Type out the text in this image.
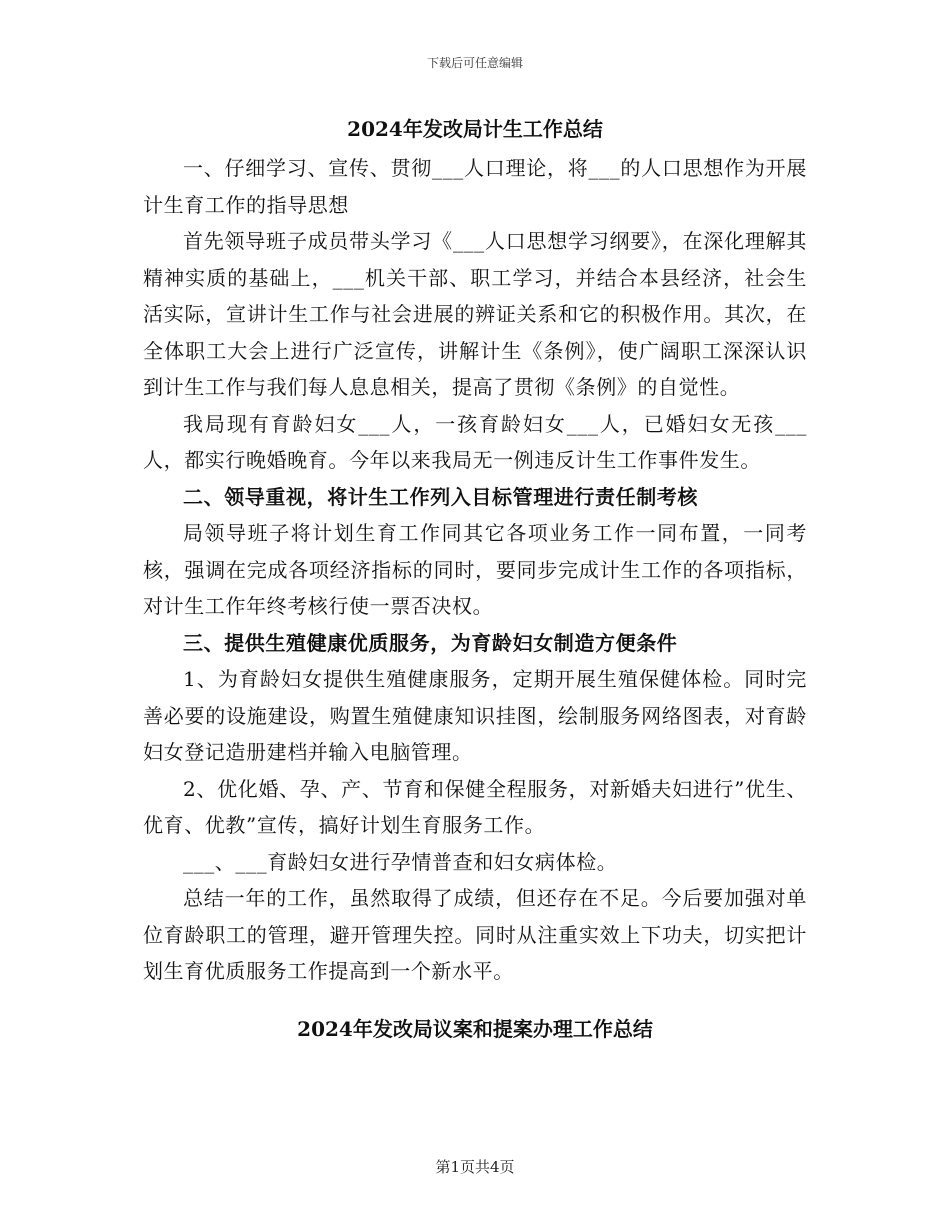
下载后可任意编辑
2024年发改局计生工作总结

一、仔细学习、宣传、贯彻___人口理论，将___的人口思想作为开展计生育工作的指导思想

首先领导班子成员带头学习《___人口思想学习纲要》，在深化理解其精神实质的基础上，___机关干部、职工学习，并结合本县经济，社会生活实际，宣讲计生工作与社会进展的辨证关系和它的积极作用。其次，在全体职工大会上进行广泛宣传，讲解计生《条例》，使广阔职工深深认识到计生工作与我们每人息息相关，提高了贯彻《条例》的自觉性。

我局现有育龄妇女___人，一孩育龄妇女___人，已婚妇女无孩___人，都实行晚婚晚育。今年以来我局无一例违反计生工作事件发生。

二、领导重视，将计生工作列入目标管理进行责任制考核

局领导班子将计划生育工作同其它各项业务工作一同布置，一同考核，强调在完成各项经济指标的同时，要同步完成计生工作的各项指标，对计生工作年终考核行使一票否决权。

三、提供生殖健康优质服务，为育龄妇女制造方便条件

1、为育龄妇女提供生殖健康服务，定期开展生殖保健体检。同时完善必要的设施建设，购置生殖健康知识挂图，绘制服务网络图表，对育龄妇女登记造册建档并输入电脑管理。

2、优化婚、孕、产、节育和保健全程服务，对新婚夫妇进行”优生、优育、优教”宣传，搞好计划生育服务工作。

___、___育龄妇女进行孕情普查和妇女病体检。

总结一年的工作，虽然取得了成绩，但还存在不足。今后要加强对单位育龄职工的管理，避开管理失控。同时从注重实效上下功夫，切实把计划生育优质服务工作提高到一个新水平。

2024年发改局议案和提案办理工作总结
第1页共4页
